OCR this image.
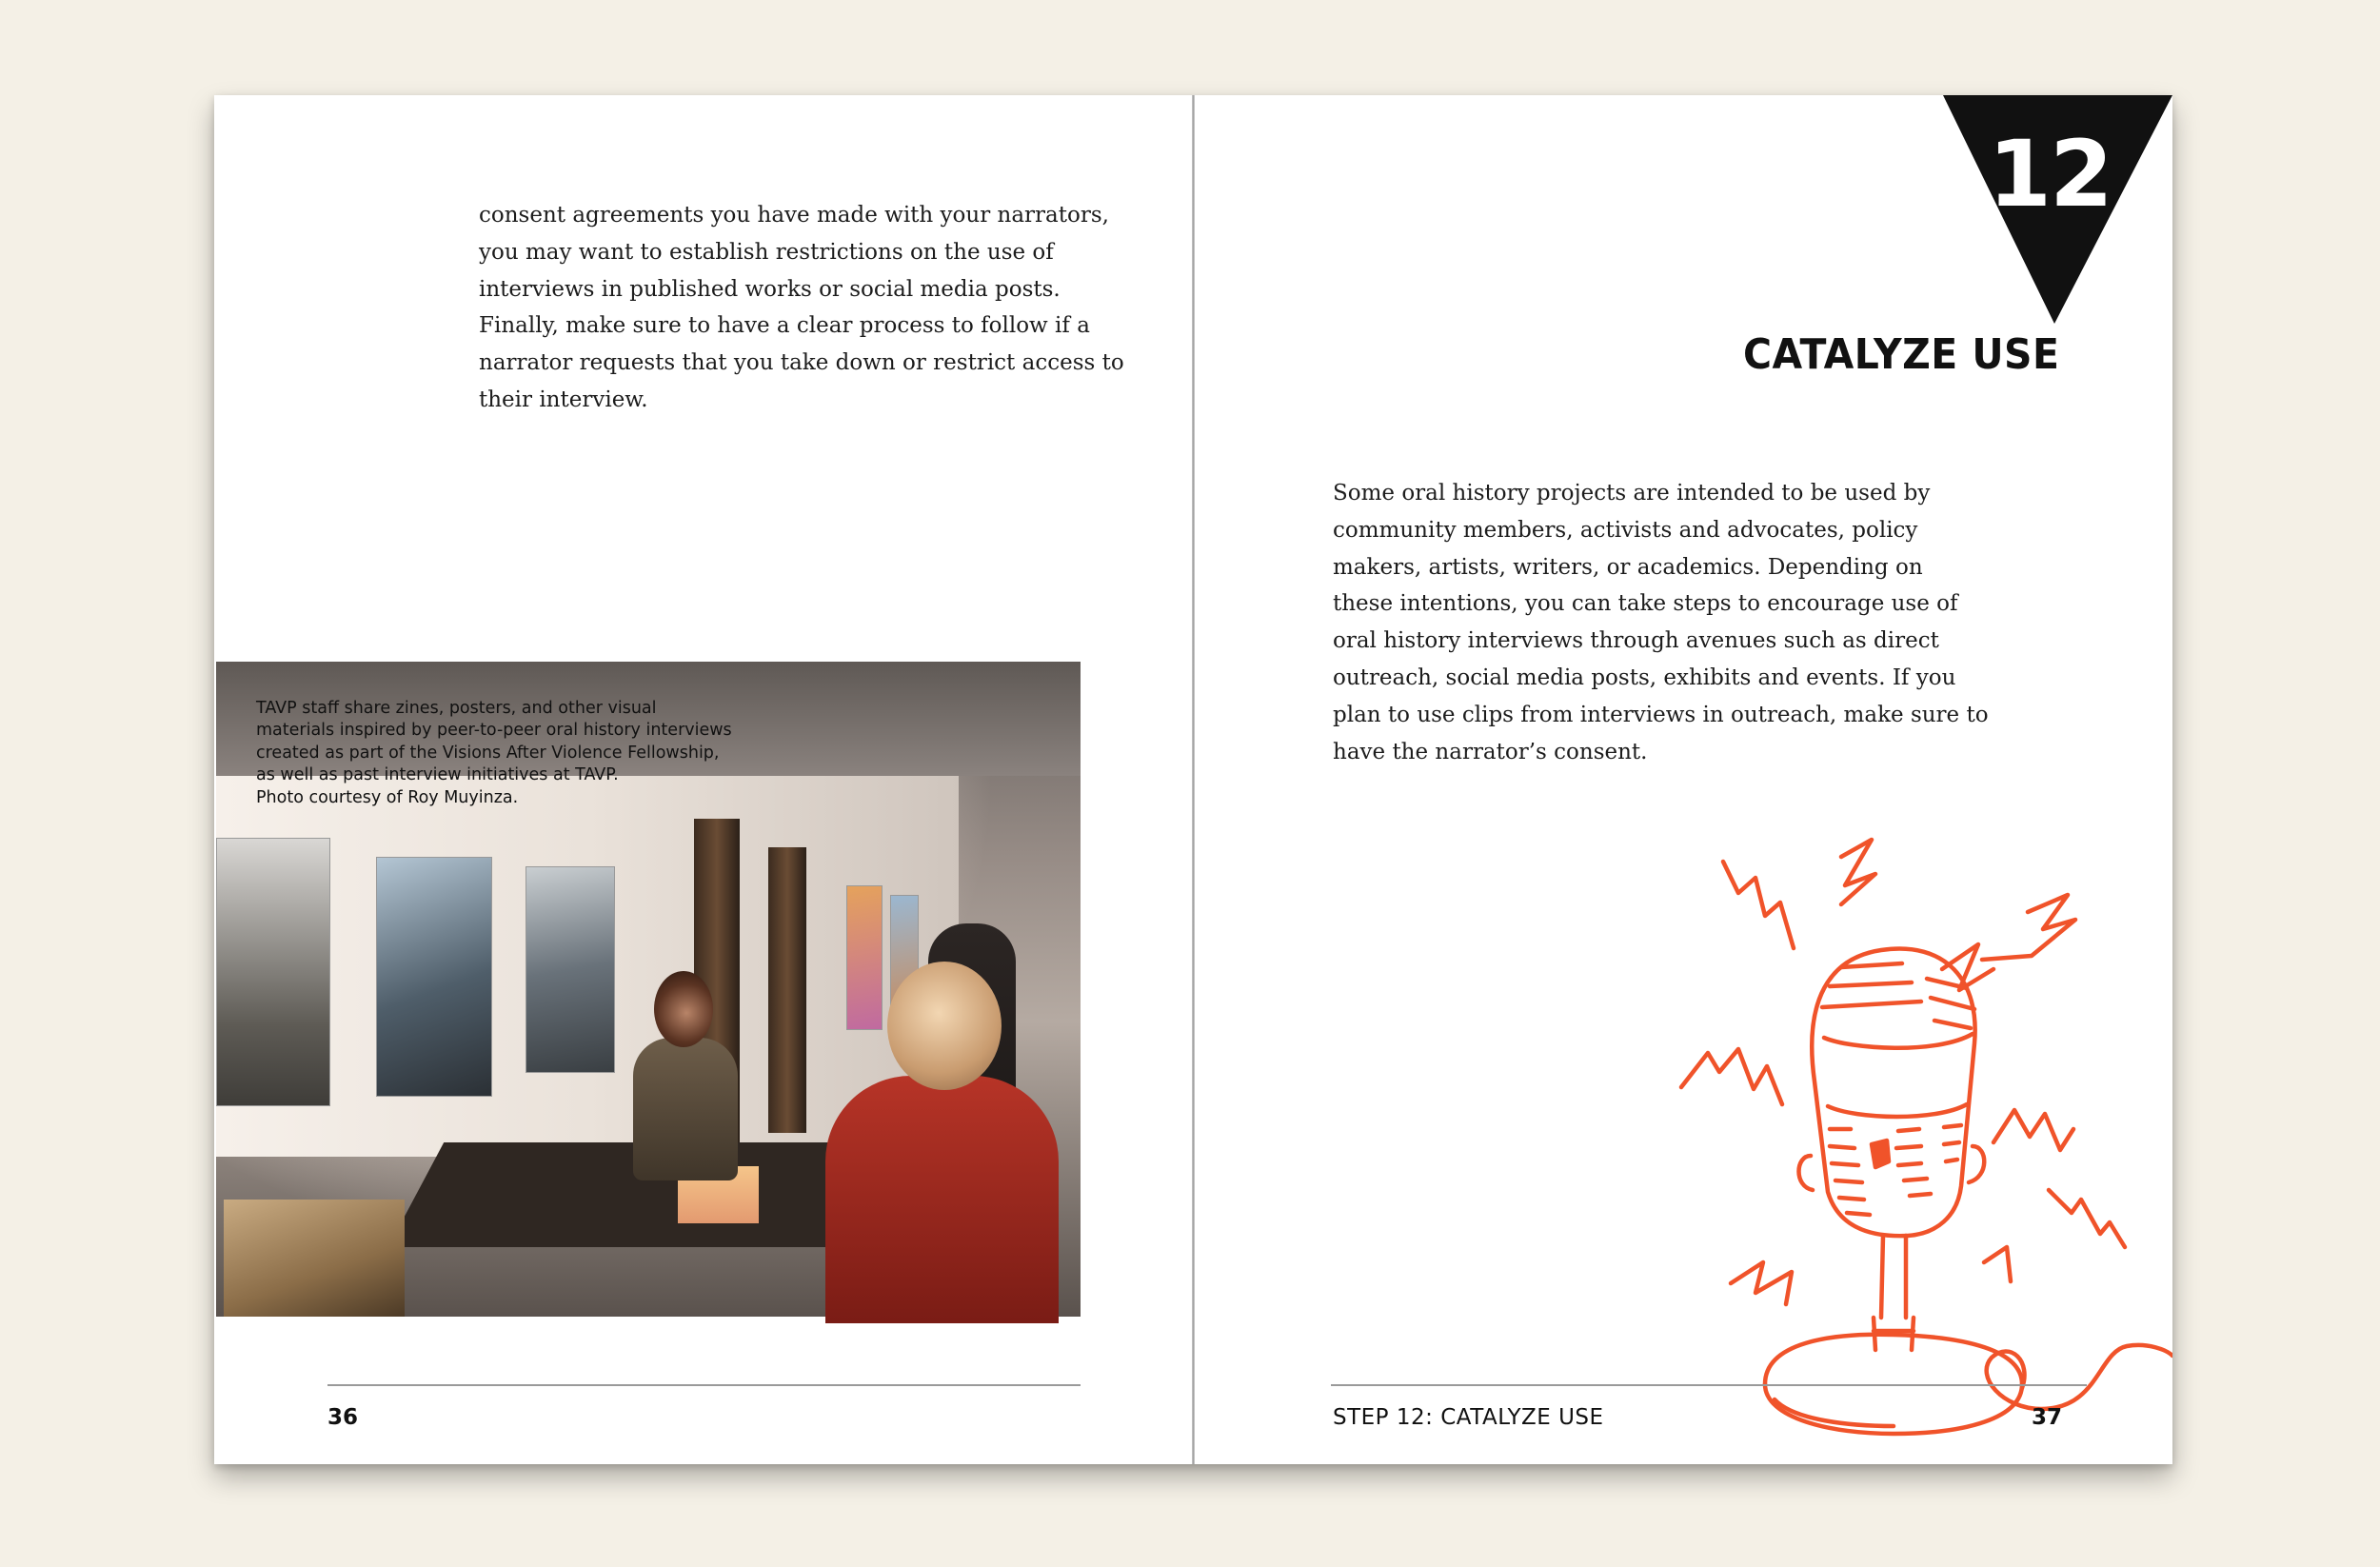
consent agreements you have made with your narrators,
you may want to establish restrictions on the use of
interviews in published works or social media posts.
Finally, make sure to have a clear process to follow if a
narrator requests that you take down or restrict access to
their interview.

TAVP staff share zines, posters, and other visual
materials inspired by peer-to-peer oral history interviews
created as part of the Visions After Violence Fellowship,
as well as past interview initiatives at TAVP.
Photo courtesy of Roy Muyinza.

36
12
CATALYZE USE

Some oral history projects are intended to be used by
community members, activists and advocates, policy
makers, artists, writers, or academics. Depending on
these intentions, you can take steps to encourage use of
oral history interviews through avenues such as direct
outreach, social media posts, exhibits and events. If you
plan to use clips from interviews in outreach, make sure to
have the narrator’s consent.

STEP 12: CATALYZE USE	37
